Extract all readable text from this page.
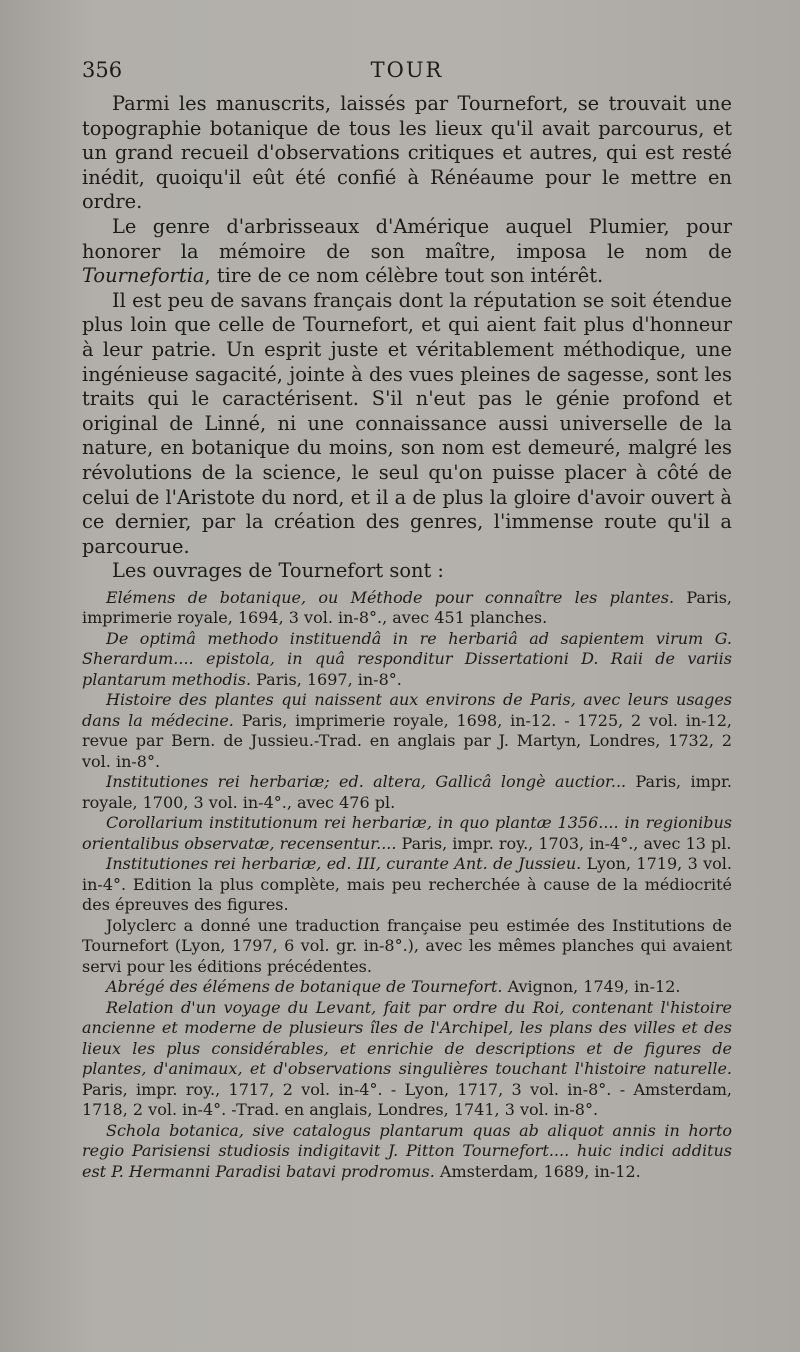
356	TOUR

Parmi les manuscrits, laissés par Tournefort, se trouvait une topographie botanique de tous les lieux qu'il avait parcourus, et un grand recueil d'observations critiques et autres, qui est resté inédit, quoiqu'il eût été confié à Rénéaume pour le mettre en ordre.

Le genre d'arbrisseaux d'Amérique auquel Plumier, pour honorer la mémoire de son maître, imposa le nom de Tournefortia, tire de ce nom célèbre tout son intérêt.

Il est peu de savans français dont la réputation se soit étendue plus loin que celle de Tournefort, et qui aient fait plus d'honneur à leur patrie. Un esprit juste et véritablement méthodique, une ingénieuse sagacité, jointe à des vues pleines de sagesse, sont les traits qui le caractérisent. S'il n'eut pas le génie profond et original de Linné, ni une connaissance aussi universelle de la nature, en botanique du moins, son nom est demeuré, malgré les révolutions de la science, le seul qu'on puisse placer à côté de celui de l'Aristote du nord, et il a de plus la gloire d'avoir ouvert à ce dernier, par la création des genres, l'immense route qu'il a parcourue.

Les ouvrages de Tournefort sont :

Elémens de botanique, ou Méthode pour connaître les plantes. Paris, imprimerie royale, 1694, 3 vol. in-8°., avec 451 planches.

De optimâ methodo instituendâ in re herbariâ ad sapientem virum G. Sherardum.... epistola, in quâ responditur Dissertationi D. Raii de variis plantarum methodis. Paris, 1697, in-8°.

Histoire des plantes qui naissent aux environs de Paris, avec leurs usages dans la médecine. Paris, imprimerie royale, 1698, in-12. - 1725, 2 vol. in-12, revue par Bern. de Jussieu.-Trad. en anglais par J. Martyn, Londres, 1732, 2 vol. in-8°.

Institutiones rei herbariæ; ed. altera, Gallicâ longè auctior... Paris, impr. royale, 1700, 3 vol. in-4°., avec 476 pl.

Corollarium institutionum rei herbariæ, in quo plantæ 1356.... in regionibus orientalibus observatæ, recensentur.... Paris, impr. roy., 1703, in-4°., avec 13 pl.

Institutiones rei herbariæ, ed. III, curante Ant. de Jussieu. Lyon, 1719, 3 vol. in-4°. Edition la plus complète, mais peu recherchée à cause de la médiocrité des épreuves des figures.

Jolyclerc a donné une traduction française peu estimée des Institutions de Tournefort (Lyon, 1797, 6 vol. gr. in-8°.), avec les mêmes planches qui avaient servi pour les éditions précédentes.

Abrégé des élémens de botanique de Tournefort. Avignon, 1749, in-12.

Relation d'un voyage du Levant, fait par ordre du Roi, contenant l'histoire ancienne et moderne de plusieurs îles de l'Archipel, les plans des villes et des lieux les plus considérables, et enrichie de descriptions et de figures de plantes, d'animaux, et d'observations singulières touchant l'histoire naturelle. Paris, impr. roy., 1717, 2 vol. in-4°. - Lyon, 1717, 3 vol. in-8°. - Amsterdam, 1718, 2 vol. in-4°. -Trad. en anglais, Londres, 1741, 3 vol. in-8°.

Schola botanica, sive catalogus plantarum quas ab aliquot annis in horto regio Parisiensi studiosis indigitavit J. Pitton Tournefort.... huic indici additus est P. Hermanni Paradisi batavi prodromus. Amsterdam, 1689, in-12.
